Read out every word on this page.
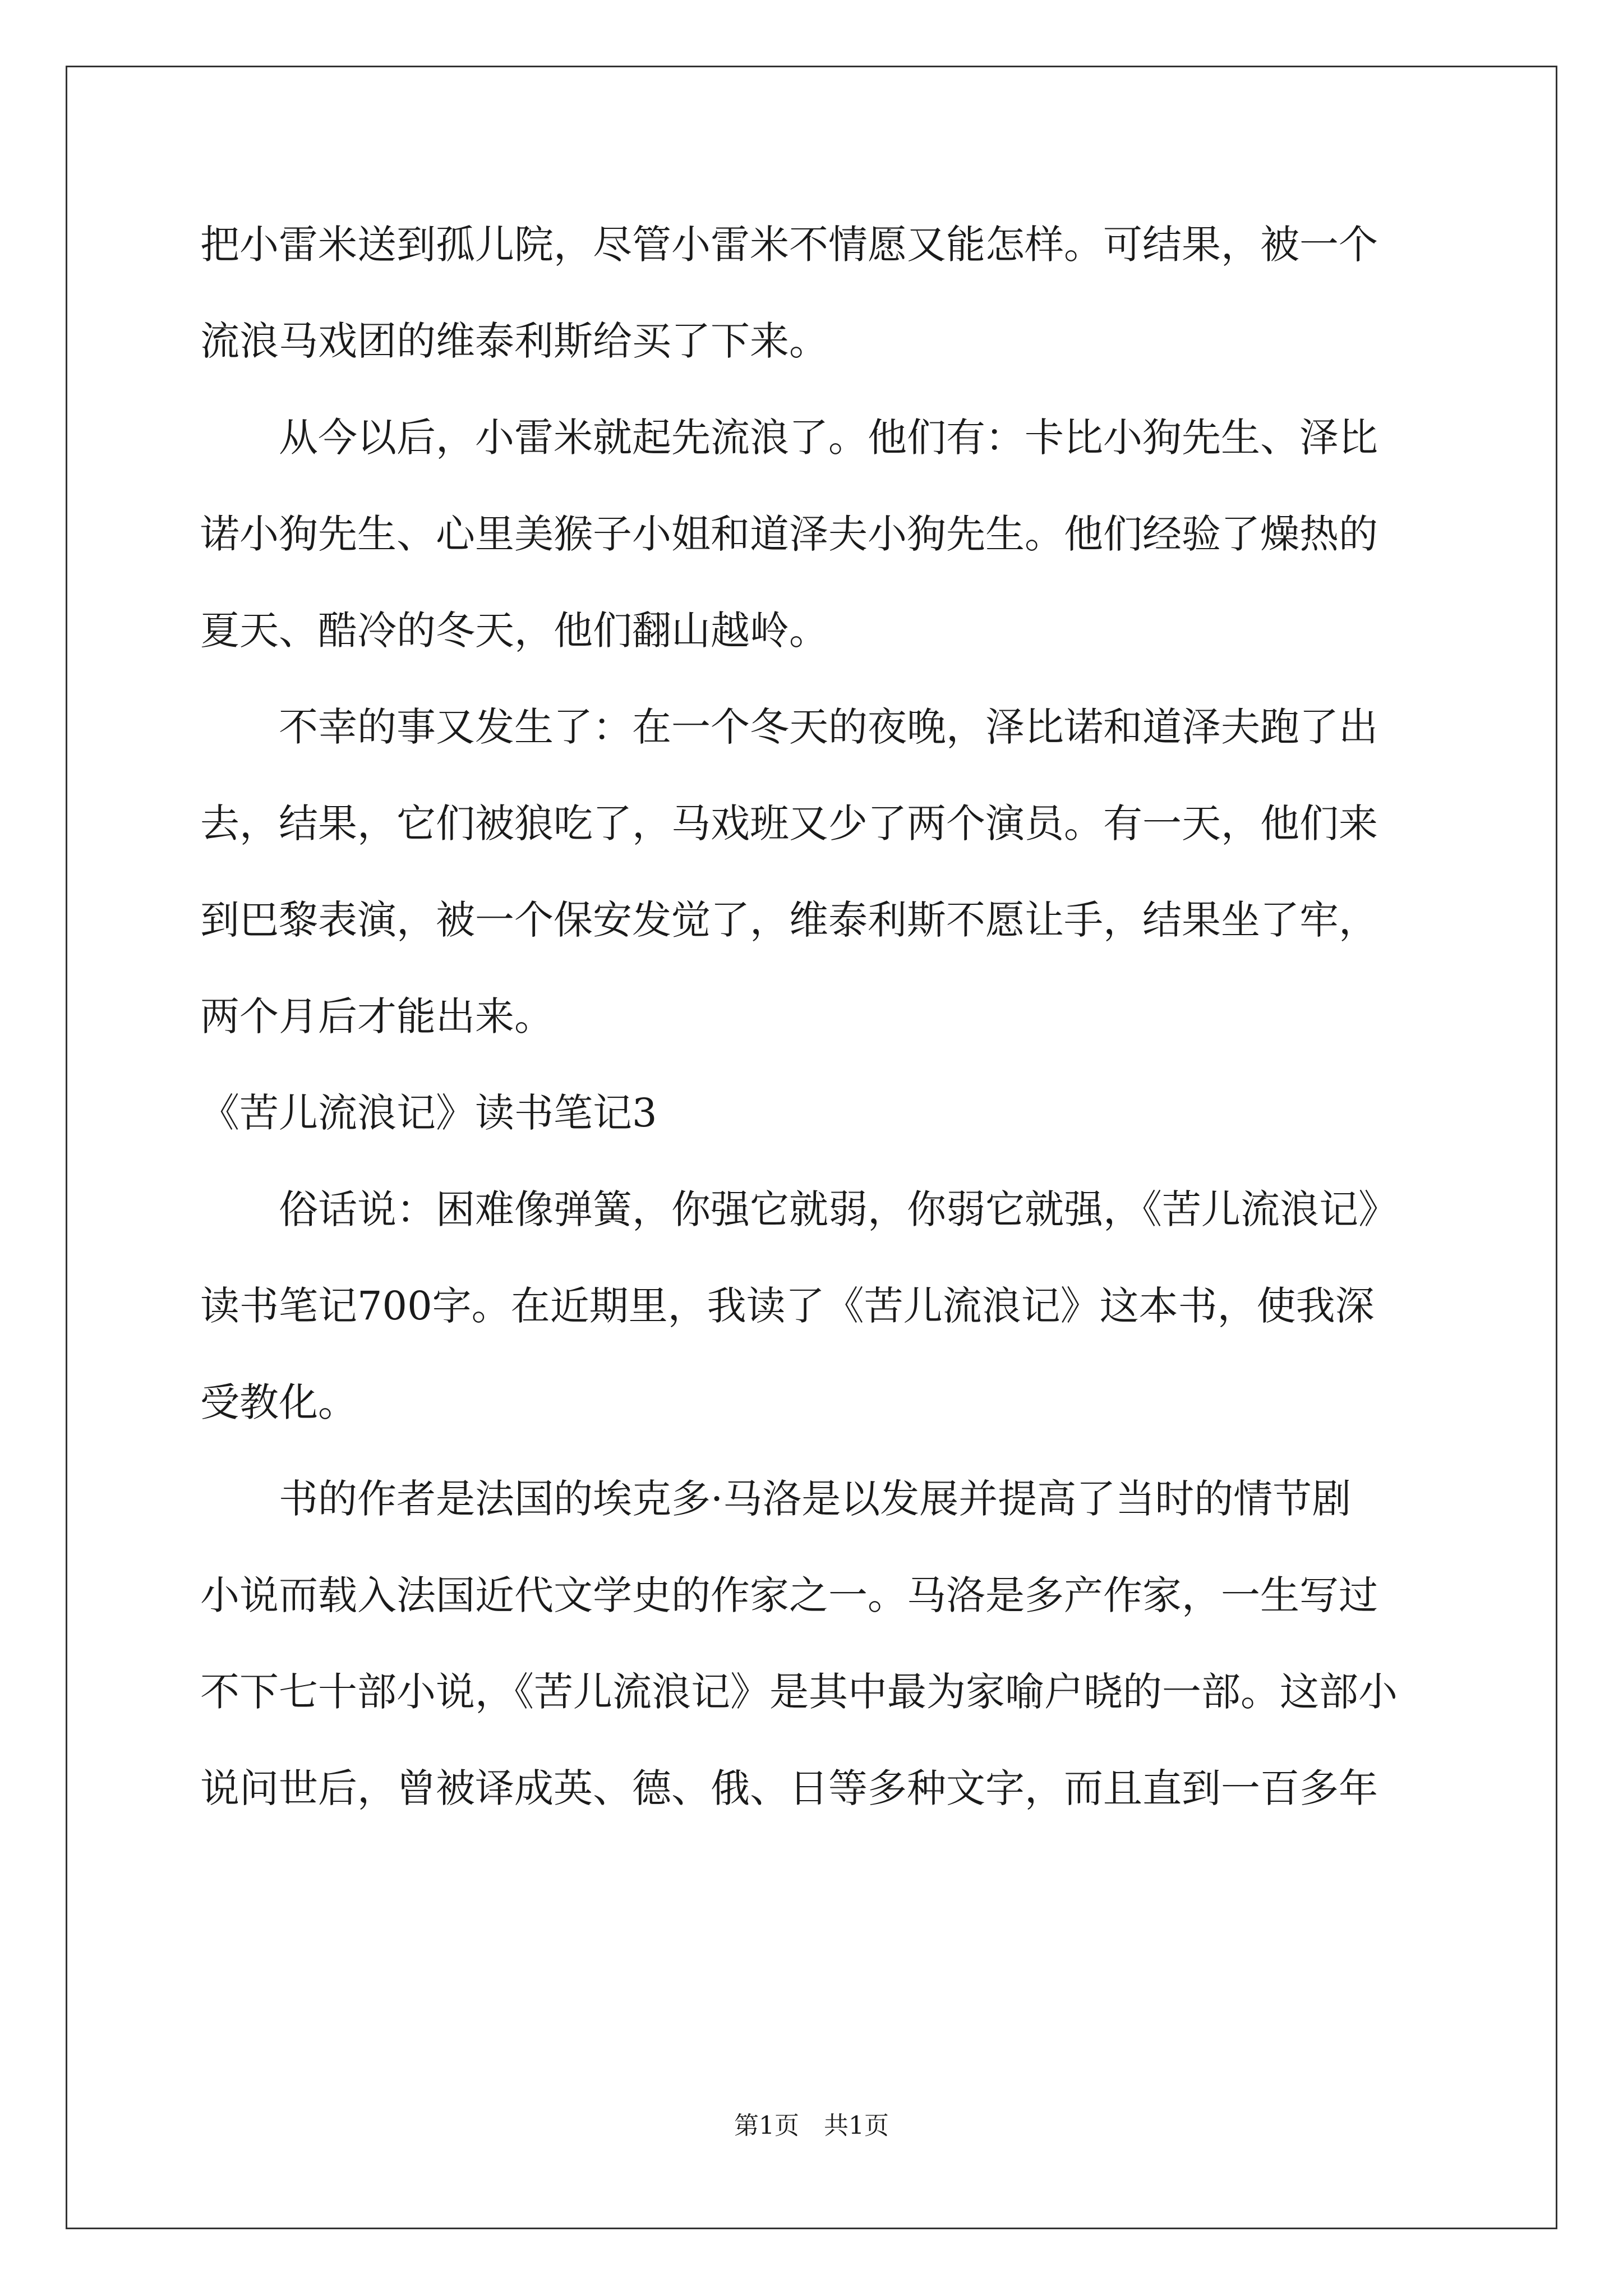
把小雷米送到孤儿院，尽管小雷米不情愿又能怎样。可结果，被一个
流浪马戏团的维泰利斯给买了下来。
　　从今以后，小雷米就起先流浪了。他们有：卡比小狗先生、泽比
诺小狗先生、心里美猴子小姐和道泽夫小狗先生。他们经验了燥热的
夏天、酷冷的冬天，他们翻山越岭。
　　不幸的事又发生了：在一个冬天的夜晚，泽比诺和道泽夫跑了出
去，结果，它们被狼吃了，马戏班又少了两个演员。有一天，他们来
到巴黎表演，被一个保安发觉了，维泰利斯不愿让手，结果坐了牢，
两个月后才能出来。
《苦儿流浪记》读书笔记3
　　俗话说：困难像弹簧，你强它就弱，你弱它就强，《苦儿流浪记》
读书笔记700字。在近期里，我读了《苦儿流浪记》这本书，使我深
受教化。
　　书的作者是法国的埃克多·马洛是以发展并提高了当时的情节剧
小说而载入法国近代文学史的作家之一。马洛是多产作家，一生写过
不下七十部小说，《苦儿流浪记》是其中最为家喻户晓的一部。这部小
说问世后，曾被译成英、德、俄、日等多种文字，而且直到一百多年
第1页　共1页
